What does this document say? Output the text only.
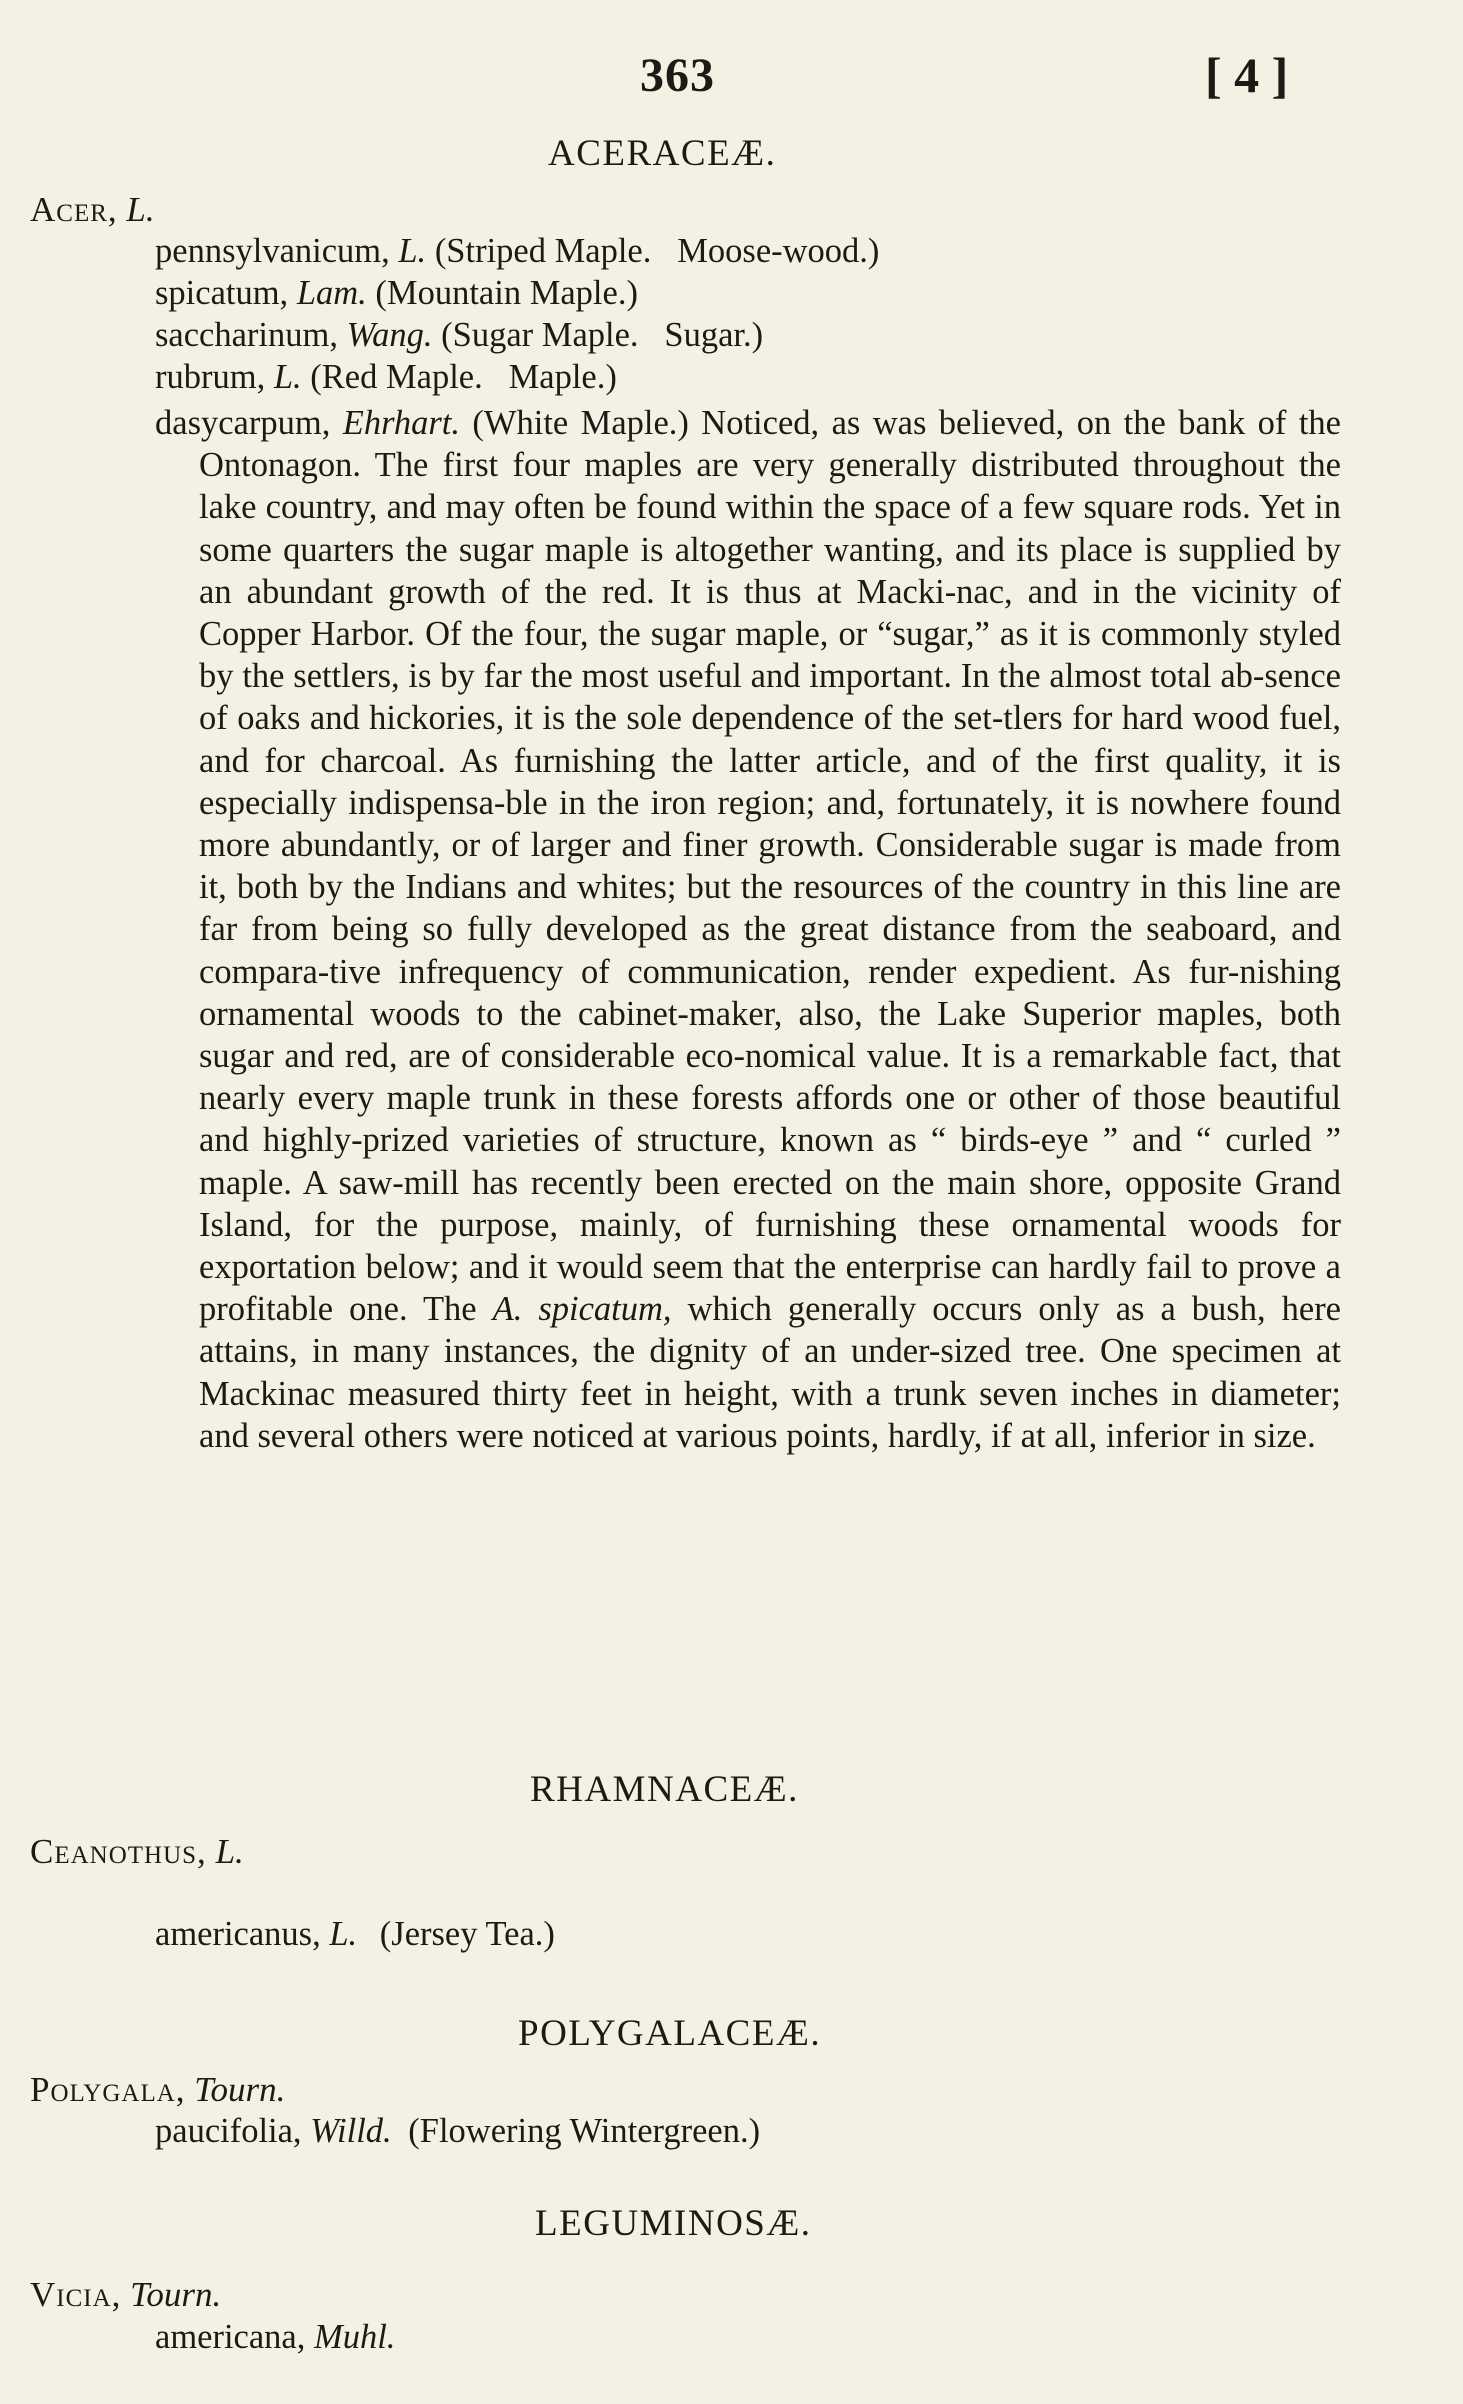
363	[ 4 ]
ACERACEÆ.
Acer, L.
pennsylvanicum, L. (Striped Maple.   Moose-wood.)
spicatum, Lam. (Mountain Maple.)
saccharinum, Wang. (Sugar Maple.   Sugar.)
rubrum, L. (Red Maple.   Maple.)
dasycarpum, Ehrhart. (White Maple.) Noticed, as was believed, on the bank of the Ontonagon. The first four maples are very generally distributed throughout the lake country, and may often be found within the space of a few square rods. Yet in some quarters the sugar maple is altogether wanting, and its place is supplied by an abundant growth of the red. It is thus at Macki-nac, and in the vicinity of Copper Harbor. Of the four, the sugar maple, or “sugar,” as it is commonly styled by the settlers, is by far the most useful and important. In the almost total ab-sence of oaks and hickories, it is the sole dependence of the set-tlers for hard wood fuel, and for charcoal. As furnishing the latter article, and of the first quality, it is especially indispensa-ble in the iron region; and, fortunately, it is nowhere found more abundantly, or of larger and finer growth. Considerable sugar is made from it, both by the Indians and whites; but the resources of the country in this line are far from being so fully developed as the great distance from the seaboard, and compara-tive infrequency of communication, render expedient. As fur-nishing ornamental woods to the cabinet-maker, also, the Lake Superior maples, both sugar and red, are of considerable eco-nomical value. It is a remarkable fact, that nearly every maple trunk in these forests affords one or other of those beautiful and highly-prized varieties of structure, known as “ birds-eye ” and “ curled ” maple. A saw-mill has recently been erected on the main shore, opposite Grand Island, for the purpose, mainly, of furnishing these ornamental woods for exportation below; and it would seem that the enterprise can hardly fail to prove a profitable one. The A. spicatum, which generally occurs only as a bush, here attains, in many instances, the dignity of an under-sized tree. One specimen at Mackinac measured thirty feet in height, with a trunk seven inches in diameter; and several others were noticed at various points, hardly, if at all, inferior in size.
RHAMNACEÆ.
Ceanothus, L.
americanus, L. (Jersey Tea.)
POLYGALACEÆ.
Polygala, Tourn.
paucifolia, Willd. (Flowering Wintergreen.)
LEGUMINOSÆ.
Vicia, Tourn.
americana, Muhl.
